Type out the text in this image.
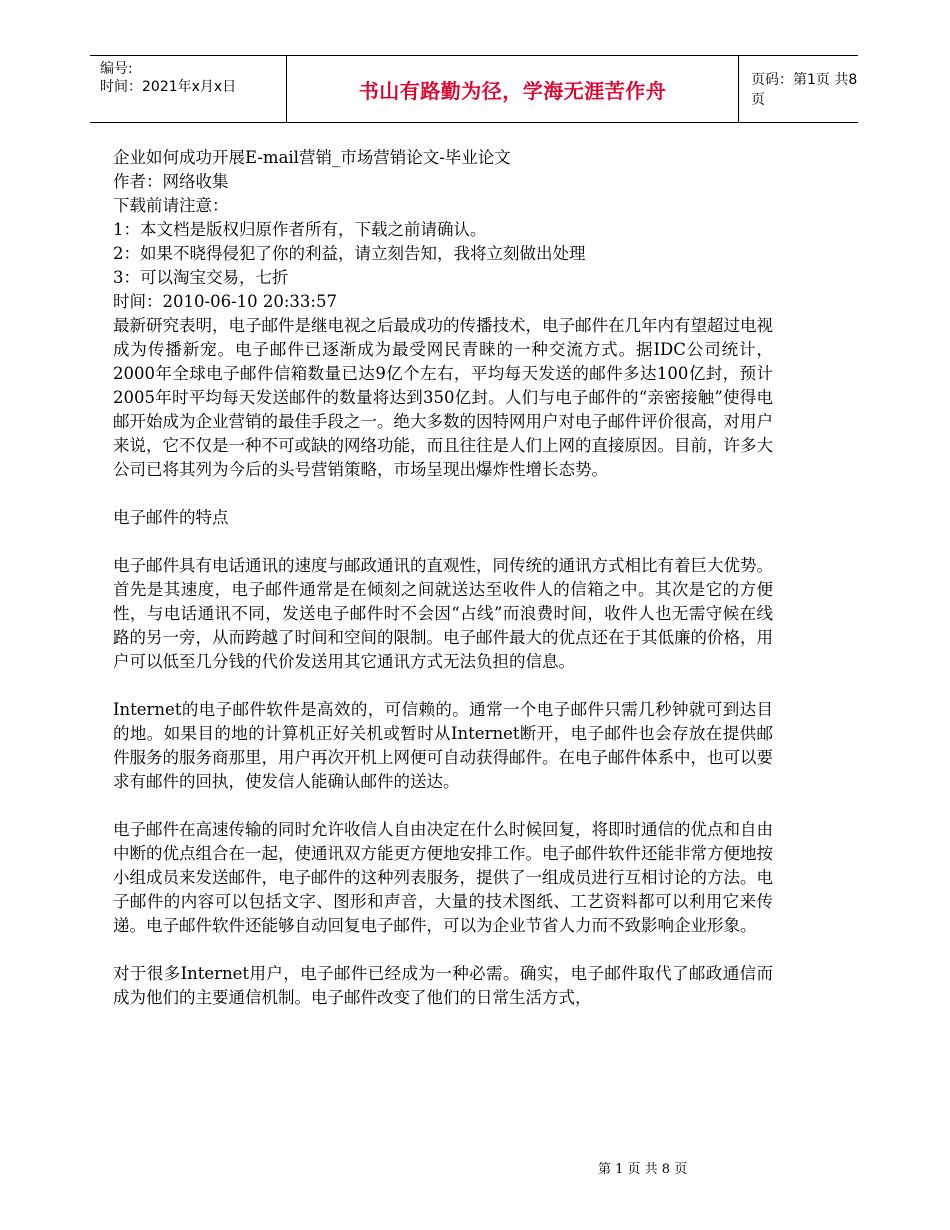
编号:
时间：2021年x月x日	书山有路勤为径，学海无涯苦作舟	页码：第1页 共8页
企业如何成功开展E-mail营销_市场营销论文-毕业论文
作者：网络收集
下载前请注意：
1：本文档是版权归原作者所有，下载之前请确认。
2：如果不晓得侵犯了你的利益，请立刻告知，我将立刻做出处理
3：可以淘宝交易，七折
时间：2010-06-10 20:33:57
最新研究表明，电子邮件是继电视之后最成功的传播技术，电子邮件在几年内有望超过电视成为传播新宠。电子邮件已逐渐成为最受网民青睐的一种交流方式。据IDC公司统计，2000年全球电子邮件信箱数量已达9亿个左右，平均每天发送的邮件多达100亿封，预计2005年时平均每天发送邮件的数量将达到350亿封。人们与电子邮件的“亲密接触”使得电邮开始成为企业营销的最佳手段之一。绝大多数的因特网用户对电子邮件评价很高，对用户来说，它不仅是一种不可或缺的网络功能，而且往往是人们上网的直接原因。目前，许多大公司已将其列为今后的头号营销策略，市场呈现出爆炸性增长态势。
电子邮件的特点
电子邮件具有电话通讯的速度与邮政通讯的直观性，同传统的通讯方式相比有着巨大优势。首先是其速度，电子邮件通常是在倾刻之间就送达至收件人的信箱之中。其次是它的方便性，与电话通讯不同，发送电子邮件时不会因“占线”而浪费时间，收件人也无需守候在线路的另一旁，从而跨越了时间和空间的限制。电子邮件最大的优点还在于其低廉的价格，用户可以低至几分钱的代价发送用其它通讯方式无法负担的信息。
Internet的电子邮件软件是高效的，可信赖的。通常一个电子邮件只需几秒钟就可到达目的地。如果目的地的计算机正好关机或暂时从Internet断开，电子邮件也会存放在提供邮件服务的服务商那里，用户再次开机上网便可自动获得邮件。在电子邮件体系中，也可以要求有邮件的回执，使发信人能确认邮件的送达。
电子邮件在高速传输的同时允许收信人自由决定在什么时候回复，将即时通信的优点和自由中断的优点组合在一起，使通讯双方能更方便地安排工作。电子邮件软件还能非常方便地按小组成员来发送邮件，电子邮件的这种列表服务，提供了一组成员进行互相讨论的方法。电子邮件的内容可以包括文字、图形和声音，大量的技术图纸、工艺资料都可以利用它来传递。电子邮件软件还能够自动回复电子邮件，可以为企业节省人力而不致影响企业形象。
对于很多Internet用户，电子邮件已经成为一种必需。确实，电子邮件取代了邮政通信而成为他们的主要通信机制。电子邮件改变了他们的日常生活方式，
第 1 页 共 8 页
